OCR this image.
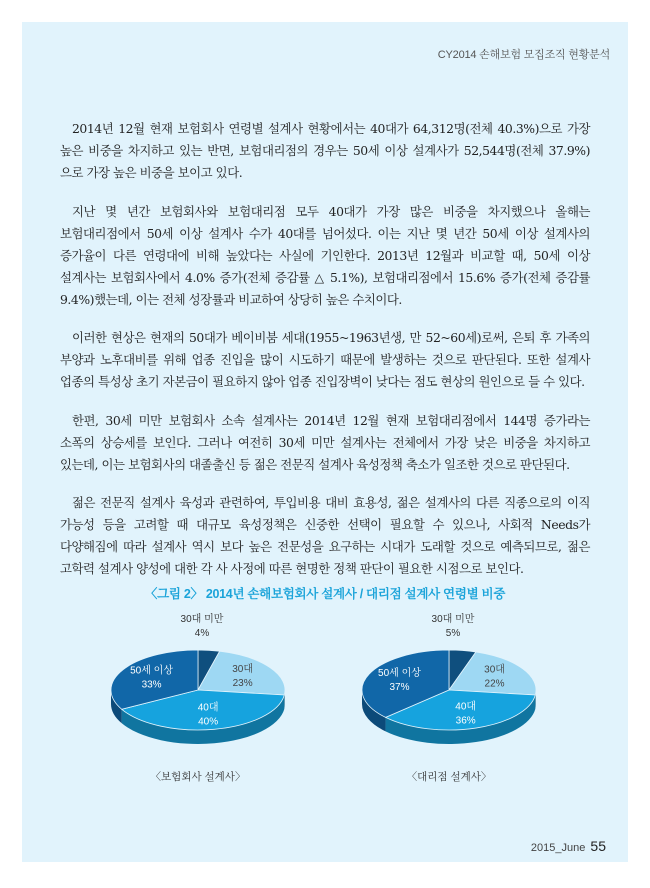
CY2014 손해보험 모집조직 현황분석

2014년 12월 현재 보험회사 연령별 설계사 현황에서는 40대가 64,312명(전체 40.3%)으로 가장 높은 비중을 차지하고 있는 반면, 보험대리점의 경우는 50세 이상 설계사가 52,544명(전체 37.9%)으로 가장 높은 비중을 보이고 있다.

지난 몇 년간 보험회사와 보험대리점 모두 40대가 가장 많은 비중을 차지했으나 올해는 보험대리점에서 50세 이상 설계사 수가 40대를 넘어섰다. 이는 지난 몇 년간 50세 이상 설계사의 증가율이 다른 연령대에 비해 높았다는 사실에 기인한다. 2013년 12월과 비교할 때, 50세 이상 설계사는 보험회사에서 4.0% 증가(전체 증감률 △ 5.1%), 보험대리점에서 15.6% 증가(전체 증감률 9.4%)했는데, 이는 전체 성장률과 비교하여 상당히 높은 수치이다.

이러한 현상은 현재의 50대가 베이비붐 세대(1955~1963년생, 만 52~60세)로써, 은퇴 후 가족의 부양과 노후대비를 위해 업종 진입을 많이 시도하기 때문에 발생하는 것으로 판단된다. 또한 설계사 업종의 특성상 초기 자본금이 필요하지 않아 업종 진입장벽이 낮다는 점도 현상의 원인으로 들 수 있다.

한편, 30세 미만 보험회사 소속 설계사는 2014년 12월 현재 보험대리점에서 144명 증가라는 소폭의 상승세를 보인다. 그러나 여전히 30세 미만 설계사는 전체에서 가장 낮은 비중을 차지하고 있는데, 이는 보험회사의 대졸출신 등 젊은 전문직 설계사 육성정책 축소가 일조한 것으로 판단된다.

젊은 전문직 설계사 육성과 관련하여, 투입비용 대비 효용성, 젊은 설계사의 다른 직종으로의 이직 가능성 등을 고려할 때 대규모 육성정책은 신중한 선택이 필요할 수 있으나, 사회적 Needs가 다양해짐에 따라 설계사 역시 보다 높은 전문성을 요구하는 시대가 도래할 것으로 예측되므로, 젊은 고학력 설계사 양성에 대한 각 사 사정에 따른 현명한 정책 판단이 필요한 시점으로 보인다.

〈그림 2〉 2014년 손해보험회사 설계사 / 대리점 설계사 연령별 비중
30대 미만
4%
30대
23%
40대
40%
50세 이상
33%
〈보험회사 설계사〉
30대 미만
5%
30대
22%
40대
36%
50세 이상
37%
〈대리점 설계사〉
2015_June 55
